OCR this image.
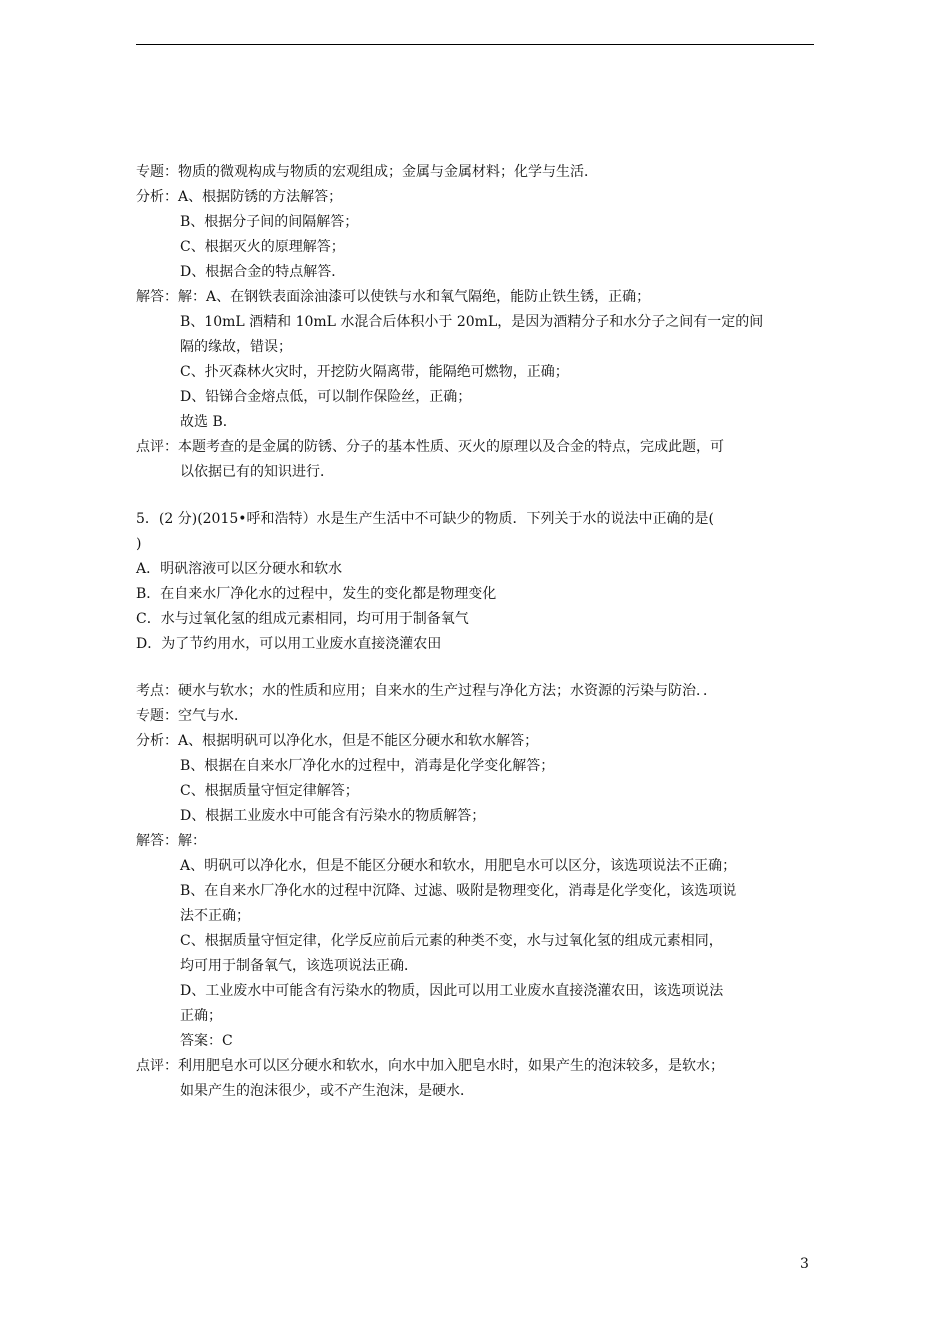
专题：物质的微观构成与物质的宏观组成；金属与金属材料；化学与生活．
分析：A、根据防锈的方法解答；
B、根据分子间的间隔解答；
C、根据灭火的原理解答；
D、根据合金的特点解答．
解答：解：A、在钢铁表面涂油漆可以使铁与水和氧气隔绝，能防止铁生锈，正确；
B、10mL 酒精和 10mL 水混合后体积小于 20mL，是因为酒精分子和水分子之间有一定的间
隔的缘故，错误；
C、扑灭森林火灾时，开挖防火隔离带，能隔绝可燃物，正确；
D、铅锑合金熔点低，可以制作保险丝，正确；
故选 B．
点评：本题考查的是金属的防锈、分子的基本性质、灭火的原理以及合金的特点，完成此题，可
以依据已有的知识进行．
5．(2 分)(2015•呼和浩特）水是生产生活中不可缺少的物质．下列关于水的说法中正确的是(
)
A．明矾溶液可以区分硬水和软水
B．在自来水厂净化水的过程中，发生的变化都是物理变化
C．水与过氧化氢的组成元素相同，均可用于制备氧气
D．为了节约用水，可以用工业废水直接浇灌农田
考点：硬水与软水；水的性质和应用；自来水的生产过程与净化方法；水资源的污染与防治．．
专题：空气与水．
分析：A、根据明矾可以净化水，但是不能区分硬水和软水解答；
B、根据在自来水厂净化水的过程中，消毒是化学变化解答；
C、根据质量守恒定律解答；
D、根据工业废水中可能含有污染水的物质解答；
解答：解：
A、明矾可以净化水，但是不能区分硬水和软水，用肥皂水可以区分，该选项说法不正确；
B、在自来水厂净化水的过程中沉降、过滤、吸附是物理变化，消毒是化学变化，该选项说
法不正确；
C、根据质量守恒定律，化学反应前后元素的种类不变，水与过氧化氢的组成元素相同，
均可用于制备氧气，该选项说法正确．
D、工业废水中可能含有污染水的物质，因此可以用工业废水直接浇灌农田，该选项说法
正确；
答案：C
点评：利用肥皂水可以区分硬水和软水，向水中加入肥皂水时，如果产生的泡沫较多，是软水；
如果产生的泡沫很少，或不产生泡沫，是硬水．
3
